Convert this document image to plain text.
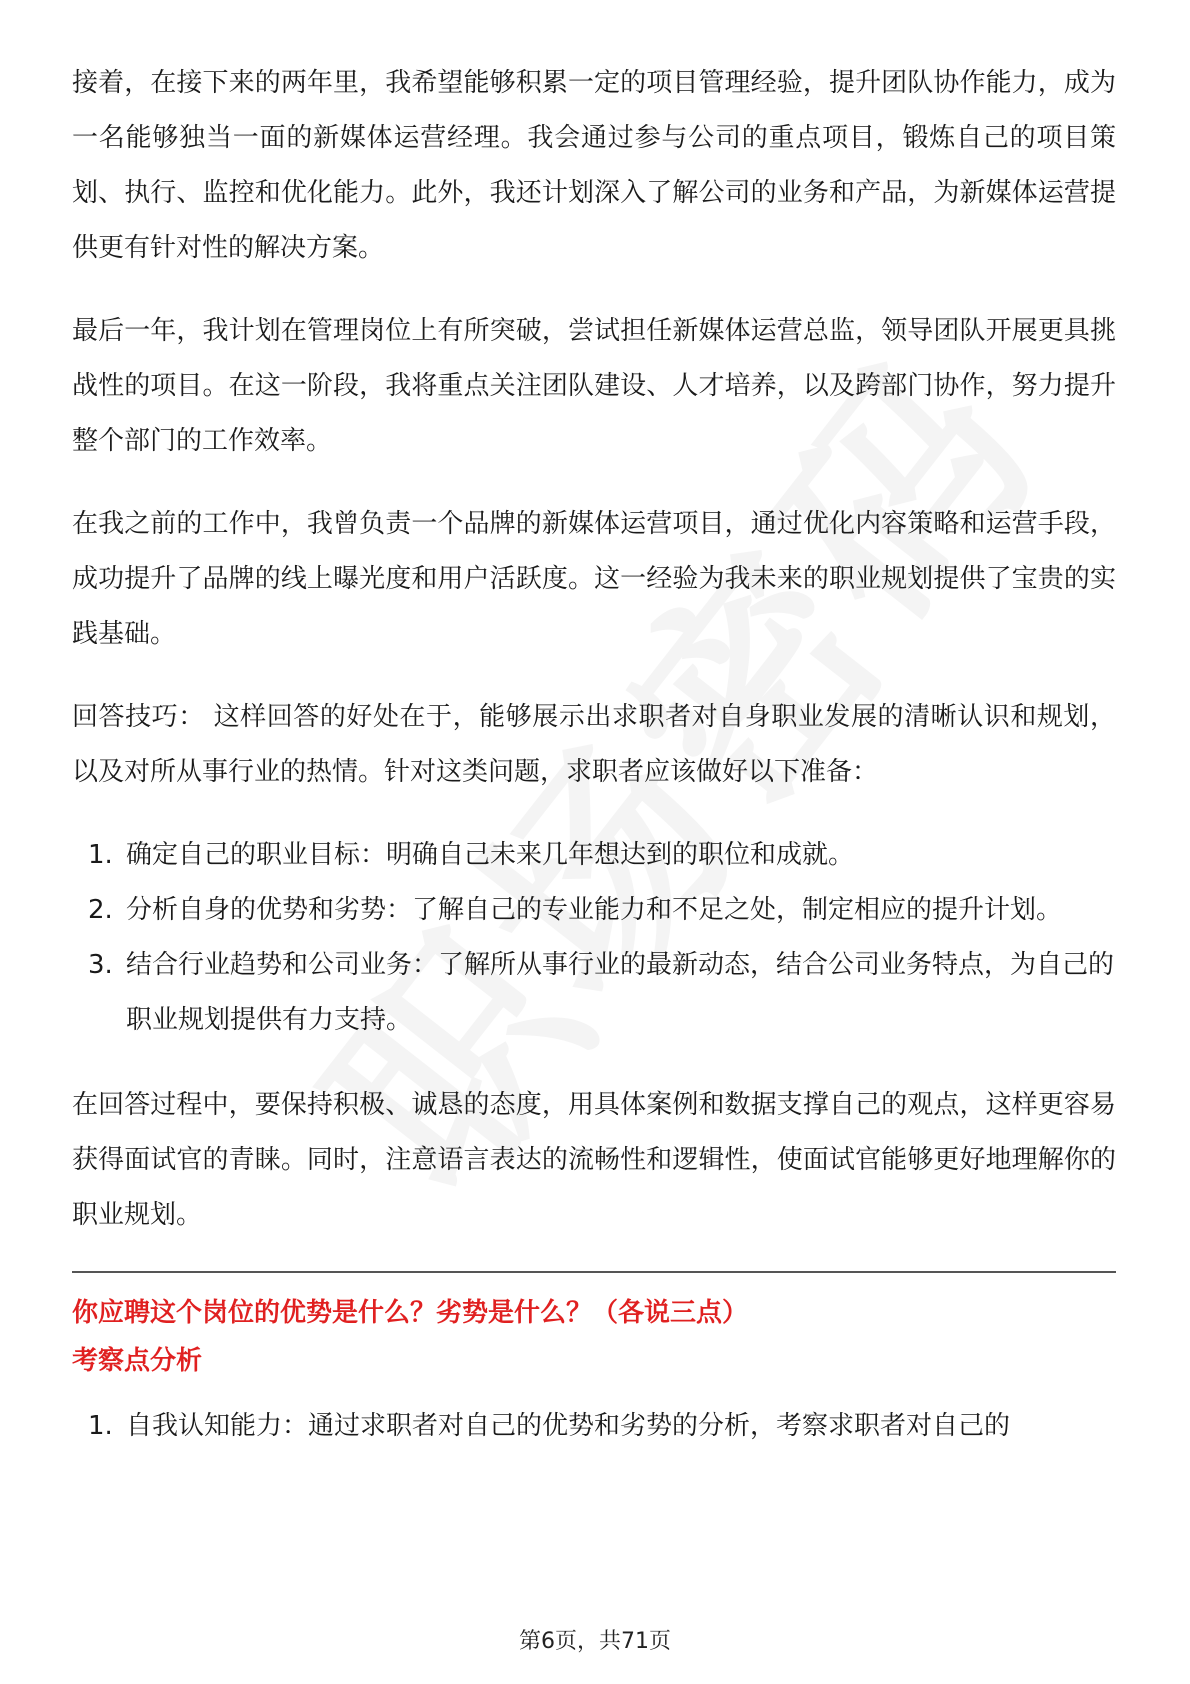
接着，在接下来的两年里，我希望能够积累一定的项目管理经验，提升团队协作能力，成为一名能够独当一面的新媒体运营经理。我会通过参与公司的重点项目，锻炼自己的项目策划、执行、监控和优化能力。此外，我还计划深入了解公司的业务和产品，为新媒体运营提供更有针对性的解决方案。

最后一年，我计划在管理岗位上有所突破，尝试担任新媒体运营总监，领导团队开展更具挑战性的项目。在这一阶段，我将重点关注团队建设、人才培养，以及跨部门协作，努力提升整个部门的工作效率。

在我之前的工作中，我曾负责一个品牌的新媒体运营项目，通过优化内容策略和运营手段，成功提升了品牌的线上曝光度和用户活跃度。这一经验为我未来的职业规划提供了宝贵的实践基础。

回答技巧： 这样回答的好处在于，能够展示出求职者对自身职业发展的清晰认识和规划，以及对所从事行业的热情。针对这类问题，求职者应该做好以下准备：

1. 确定自己的职业目标：明确自己未来几年想达到的职位和成就。
2. 分析自身的优势和劣势：了解自己的专业能力和不足之处，制定相应的提升计划。
3. 结合行业趋势和公司业务：了解所从事行业的最新动态，结合公司业务特点，为自己的职业规划提供有力支持。

在回答过程中，要保持积极、诚恳的态度，用具体案例和数据支撑自己的观点，这样更容易获得面试官的青睐。同时，注意语言表达的流畅性和逻辑性，使面试官能够更好地理解你的职业规划。

你应聘这个岗位的优势是什么？劣势是什么？（各说三点）
考察点分析
1. 自我认知能力：通过求职者对自己的优势和劣势的分析，考察求职者对自己的
第6页，共71页
